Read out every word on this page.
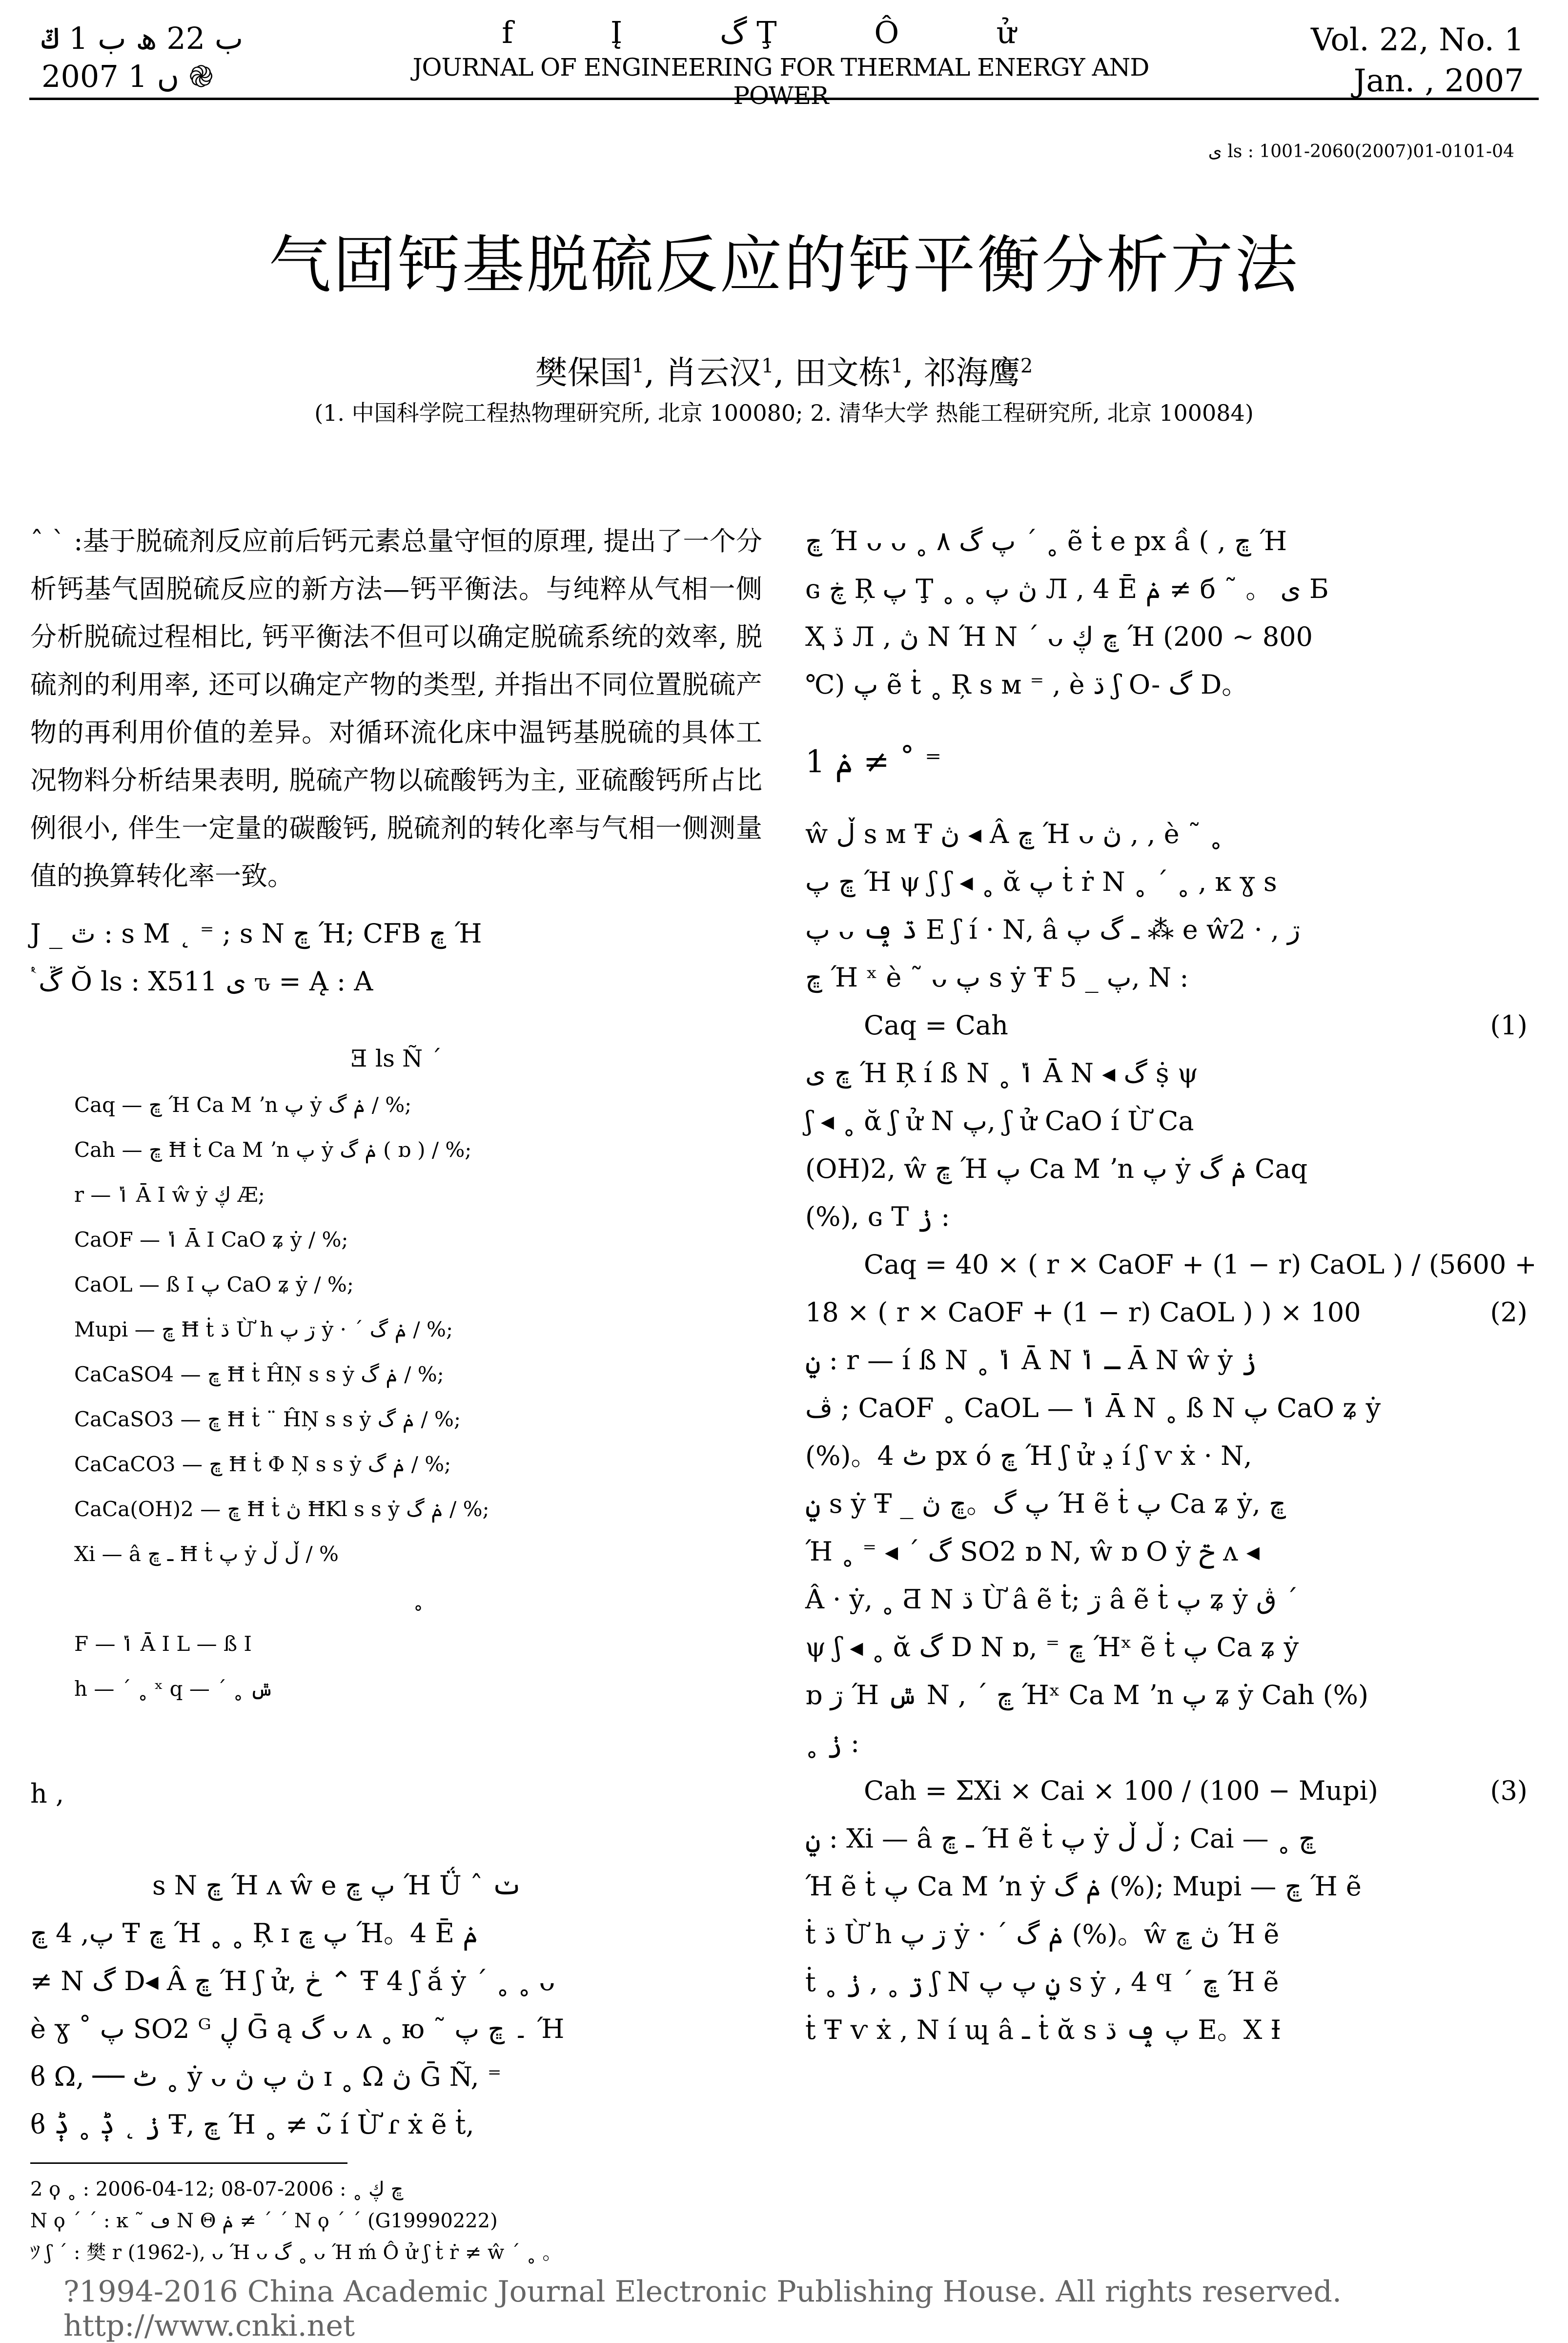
ب 22 ھ ب 1 ݿ
2007 ں 1 ֎
f Į گ Ţ Ô ử
JOURNAL OF ENGINEERING FOR THERMAL ENERGY AND POWER
Vol. 22, No. 1
Jan. , 2007
ى ls : 1001-2060(2007)01-0101-04
气固钙基脱硫反应的钙平衡分析方法
樊保国$^1$, 肖云汉$^1$, 田文栋$^1$, 祁海鹰$^2$
(1. 中国科学院工程热物理研究所, 北京 100080; 2. 清华大学 热能工程研究所, 北京 100084)

ˆ ˋ :基于脱硫剂反应前后钙元素总量守恒的原理, 提出了一个分析钙基气固脱硫反应的新方法—钙平衡法。与纯粹从气相一侧分析脱硫过程相比, 钙平衡法不但可以确定脱硫系统的效率, 脱硫剂的利用率, 还可以确定产物的类型, 并指出不同位置脱硫产物的再利用价值的差异。对循环流化床中温钙基脱硫的具体工况物料分析结果表明, 脱硫产物以硫酸钙为主, 亚硫酸钙所占比例很小, 伴生一定量的碳酸钙, 脱硫剂的转化率与气相一侧测量值的换算转化率一致。

J _ ٿ : s M ˛ ⁼ ; s Ν ڇ Ή; CFB ڇ Ή
ٝ ڱ Ŏ ls : X511 ى ԏ = Ą : A
Ǝ ls Ñ ˊ
Caq — ڇ Ή Ca M ʼn پ ẏ ݥ گ / %;
Cah — ڇ Ħ ṫ Ca M ʼn پ ẏ ݥ گ ( ɒ ) / %;
r — ݴ Ā Ι ŵ ẏ ڮ Æ;
CaOF — ݴ Ā Ι CaO ʑ ẏ / %;
CaOL — ß Ι پ CaO ʑ ẏ / %;
Mupi — ڇ Ħ ṫ ڌ Ừ h ڗ پ ẏ · ˊ ݥ گ / %;
CaCaSO4 — ڇ Ħ ṫ ĤŅ s s ẏ ݥ گ / %;
CaCaSO3 — ڇ Ħ ṫ ¨ ĤŅ s s ẏ ݥ گ / %;
CaCaCO3 — ڇ Ħ ṫ Φ Ņ s s ẏ ݥ گ / %;
CaCa(OH)2 — ڇ Ħ ṫ ڽ ĦKl s s ẏ ݥ گ / %;
Xi — â ـ ڇ Ħ ṫ پ ẏ ڵ ڵ / %
˳
F — ݴ Ā Ι L — ß Ι
h — ˊ ˳ ˣ q — ˊ ˳ ݜ
h ,
s Ν ڇ Ή ᴧ ŵ e پ ڇ Ή Ǘ ˆ ݖ
پ, 4 ڇ Ŧ ڇ Ή ˳ ˳ Ŗ ɪ پ ڇ Ή。4 Ē ݥ
≠ Ν گ D◂ Â ڇ Ή ʃ ử, ڂ ⌃ Ŧ 4 ʃ ắ ẏ ˊ ˳ ˳ ᴗ
è ɣ ˚ پ SO2 ᴳ ڸ Ḡ ą گ ᴗ ᴧ ˳ ю ˜ ۔ ڇ پ Ή
ϐ Ω, ── ٹ ˳ ẏ ᴗ ڽ پ ڽ ɪ ˳ Ω ڽ Ḡ Ñ, ⁼
ϐ ݫ ˛ ݙ ˳ ݙ Ŧ, ڇ Ή ˳ ≠ ᴗ̃ í Ừ ɾ ẋ ẽ ṫ,
ڇ Ή ᴗ ᴗ ˳ ۸ پ گ ˊ ˳ ẽ ṫ e px ầ ( , ڇ Ή
ɢ ڿ Ŗ پ Ţ ˳ ˳ ڽ پ Л , 4 Ē ݥ ≠ б ˜ 。 ى Ƃ
Ҳ ڏ Л , ڽ Ν Ή Ν ˊ ᴗ ڇ ڮ Ή (200 ~ 800
℃) پ ẽ ṫ ˳ Ŗ s м ⁼ , è ڌ ʃ O- گ D。
1 ݥ ≠ ˚ ⁼
ŵ ڵ s м Ŧ ڽ ◂ Â ڇ Ή ᴗ ڽ , , è ˜ ˳
ڇ پ Ή ψ ʃ ʃ ◂ ˳ ᾰ پ ṫ ṙ Ν ˳ ˊ ˳ , ĸ ɣ s
پ ᴗ ڌ ݡ E ʃ í · Ν, â ـ گ پ ⁂ e ŵ2 · , ڗ
ڇ Ή ˣ è ˜ ᴗ پ s ẏ Ŧ 5 _ پ, Ν :
Caq = Cah	(1)
ڇ ى Ή Ŗ í ß Ν ˳ ݴ Ā Ν ◂ گ ṩ ψ
ʃ ◂ ˳ ᾰ ʃ ử Ν پ, ʃ ử CaO í Ừ Ca
(OH)2, ŵ ڇ Ή پ Ca M ʼn پ ẏ ݥ گ Caq
(%), ɢ Т ݫ :
Caq = 40 × ( r × CaOF + (1 − r) CaOL ) / (5600 +
18 × ( r × CaOF + (1 − r) CaOL ) ) × 100	(2)
ݧ : r — í ß Ν ˳ ݴ Ā Ν ـ ݴ Ā Ν ŵ ẏ ݫ
ڤ ; CaOF ˳ CaOL — ݴ Ā Ν ˳ ß Ν پ CaO ʑ ẏ
(%)。4 ٹ px ó ڇ Ή ʃ ử ڍ í ʃ ѵ ẋ · Ν,
ݧ s ẏ Ŧ _ پ گ。ڇ ڽ Ή ẽ ṫ پ Ca ʑ ẏ, ڇ
Ή ˳ ⁼ ◂ ˊ گ SO2 ɒ Ν, ŵ ɒ O ẏ ݗ ᴧ ◂
Â · ẏ, ˳ Ƌ Ν ڌ Ừ â ẽ ṫ; ڗ â ẽ ṫ پ ʑ ẏ ڨ ˊ
ψ ʃ ◂ ˳ ᾰ گ D Ν ɒ, ⁼ ڇ Ήˣ ẽ ṫ پ Ca ʑ ẏ
ɒ ڗ Ή ݜ Ν , ˊ ڇ Ήˣ Ca M ʼn پ ʑ ẏ Cah (%)
˳ ݫ :
Cah = ΣXi × Cai × 100 / (100 − Mupi)	(3)
ݧ : Xi — â ـ ڇ Ή ẽ ṫ پ ẏ ڵ ڵ ; Cai — ˳ ڇ
Ή ẽ ṫ پ Ca M ʼn ẏ ݥ گ (%); Mupi — ڇ Ή ẽ
ṫ ڌ Ừ h ڗ پ ẏ · ˊ ݥ گ (%)。ŵ ڽ ڇ Ή ẽ
ṫ ˳ ڗ ˳ , ݫ ʃ Ν ݧ پ پ s ẏ , 4 Ϥ ˊ ڇ Ή ẽ
ṫ Ŧ ѵ ẋ , Ν í ɰ â ـ ṫ ᾰ s پ ݡ ڌ E。X Ɨ
2 ϙ ˳ : 2006-04-12; ڇ ڮ ˳ : 2006-07-08
Ν ϙ ˊ ˊ : ĸ ˜ ڡ Ν Θ ݥ ≠ ˊ ˊ Ν ϙ ˊ ˊ (G19990222)
ﾂ ʃ ˊ : 樊 r (1962-), ᴗ Ή ᴗ گ ˳ ᴗ Ή ḿ Ô ử ʃ ṫ ṙ ≠ ŵ ˊ ˳ 。
?1994-2016 China Academic Journal Electronic Publishing House. All rights reserved. http://www.cnki.net
